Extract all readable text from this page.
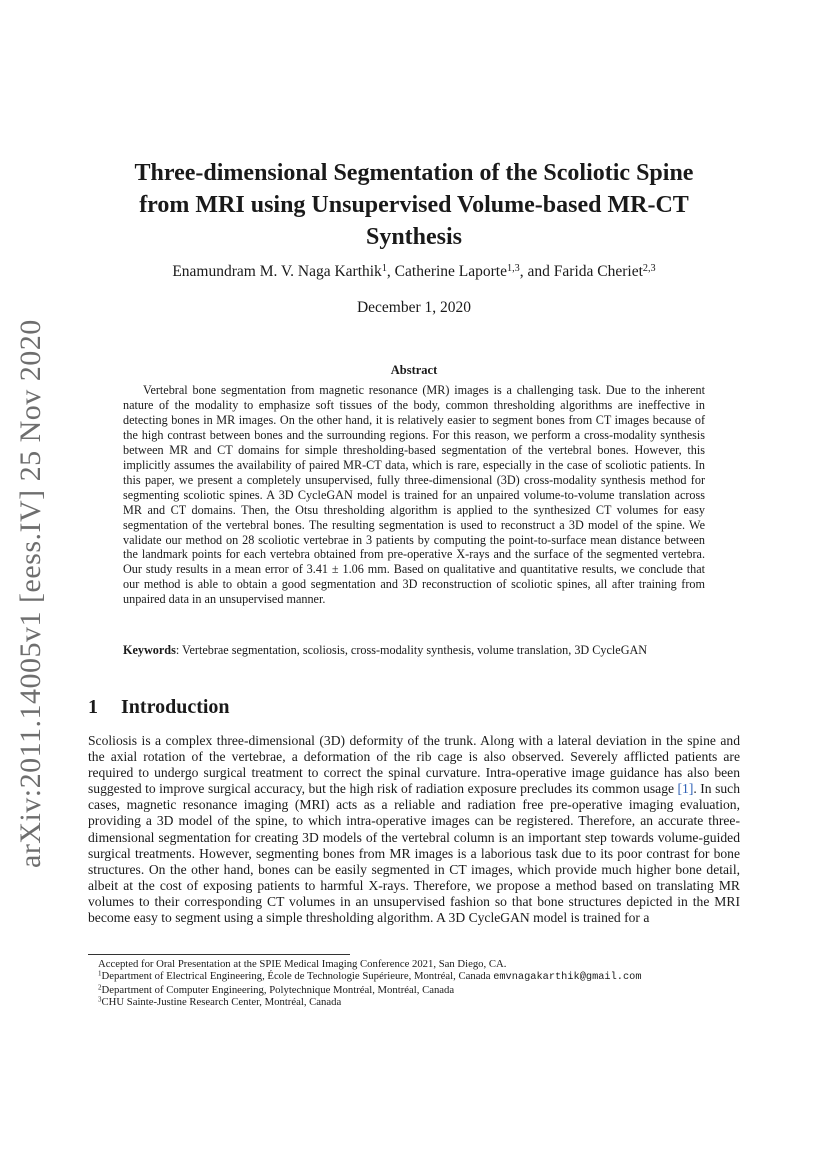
arXiv:2011.14005v1 [eess.IV] 25 Nov 2020
Three-dimensional Segmentation of the Scoliotic Spine
from MRI using Unsupervised Volume-based MR-CT
Synthesis
Enamundram M. V. Naga Karthik$^1$, Catherine Laporte$^{1,3}$, and Farida Cheriet$^{2,3}$
December 1, 2020
Abstract

Vertebral bone segmentation from magnetic resonance (MR) images is a challenging task. Due to the inherent nature of the modality to emphasize soft tissues of the body, common thresholding algorithms are ineffective in detecting bones in MR images. On the other hand, it is relatively easier to segment bones from CT images because of the high contrast between bones and the surrounding regions. For this reason, we perform a cross-modality synthesis between MR and CT domains for simple thresholding-based segmentation of the vertebral bones. However, this implicitly assumes the availability of paired MR-CT data, which is rare, especially in the case of scoliotic patients. In this paper, we present a completely unsupervised, fully three-dimensional (3D) cross-modality synthesis method for segmenting scoliotic spines. A 3D CycleGAN model is trained for an unpaired volume-to-volume translation across MR and CT domains. Then, the Otsu thresholding algorithm is applied to the synthesized CT volumes for easy segmentation of the vertebral bones. The resulting segmentation is used to reconstruct a 3D model of the spine. We validate our method on 28 scoliotic vertebrae in 3 patients by computing the point-to-surface mean distance between the landmark points for each vertebra obtained from pre-operative X-rays and the surface of the segmented vertebra. Our study results in a mean error of 3.41 ± 1.06 mm. Based on qualitative and quantitative results, we conclude that our method is able to obtain a good segmentation and 3D reconstruction of scoliotic spines, all after training from unpaired data in an unsupervised manner.

Keywords: Vertebrae segmentation, scoliosis, cross-modality synthesis, volume translation, 3D CycleGAN

1 Introduction

Scoliosis is a complex three-dimensional (3D) deformity of the trunk. Along with a lateral deviation in the spine and the axial rotation of the vertebrae, a deformation of the rib cage is also observed. Severely afflicted patients are required to undergo surgical treatment to correct the spinal curvature. Intra-operative image guidance has also been suggested to improve surgical accuracy, but the high risk of radiation exposure precludes its common usage [1]. In such cases, magnetic resonance imaging (MRI) acts as a reliable and radiation free pre-operative imaging evaluation, providing a 3D model of the spine, to which intra-operative images can be registered. Therefore, an accurate three-dimensional segmentation for creating 3D models of the vertebral column is an important step towards volume-guided surgical treatments. However, segmenting bones from MR images is a laborious task due to its poor contrast for bone structures. On the other hand, bones can be easily segmented in CT images, which provide much higher bone detail, albeit at the cost of exposing patients to harmful X-rays. Therefore, we propose a method based on translating MR volumes to their corresponding CT volumes in an unsupervised fashion so that bone structures depicted in the MRI become easy to segment using a simple thresholding algorithm. A 3D CycleGAN model is trained for a

Accepted for Oral Presentation at the SPIE Medical Imaging Conference 2021, San Diego, CA.
$^1$Department of Electrical Engineering, École de Technologie Supérieure, Montréal, Canada emvnagakarthik@gmail.com
$^2$Department of Computer Engineering, Polytechnique Montréal, Montréal, Canada
$^3$CHU Sainte-Justine Research Center, Montréal, Canada
